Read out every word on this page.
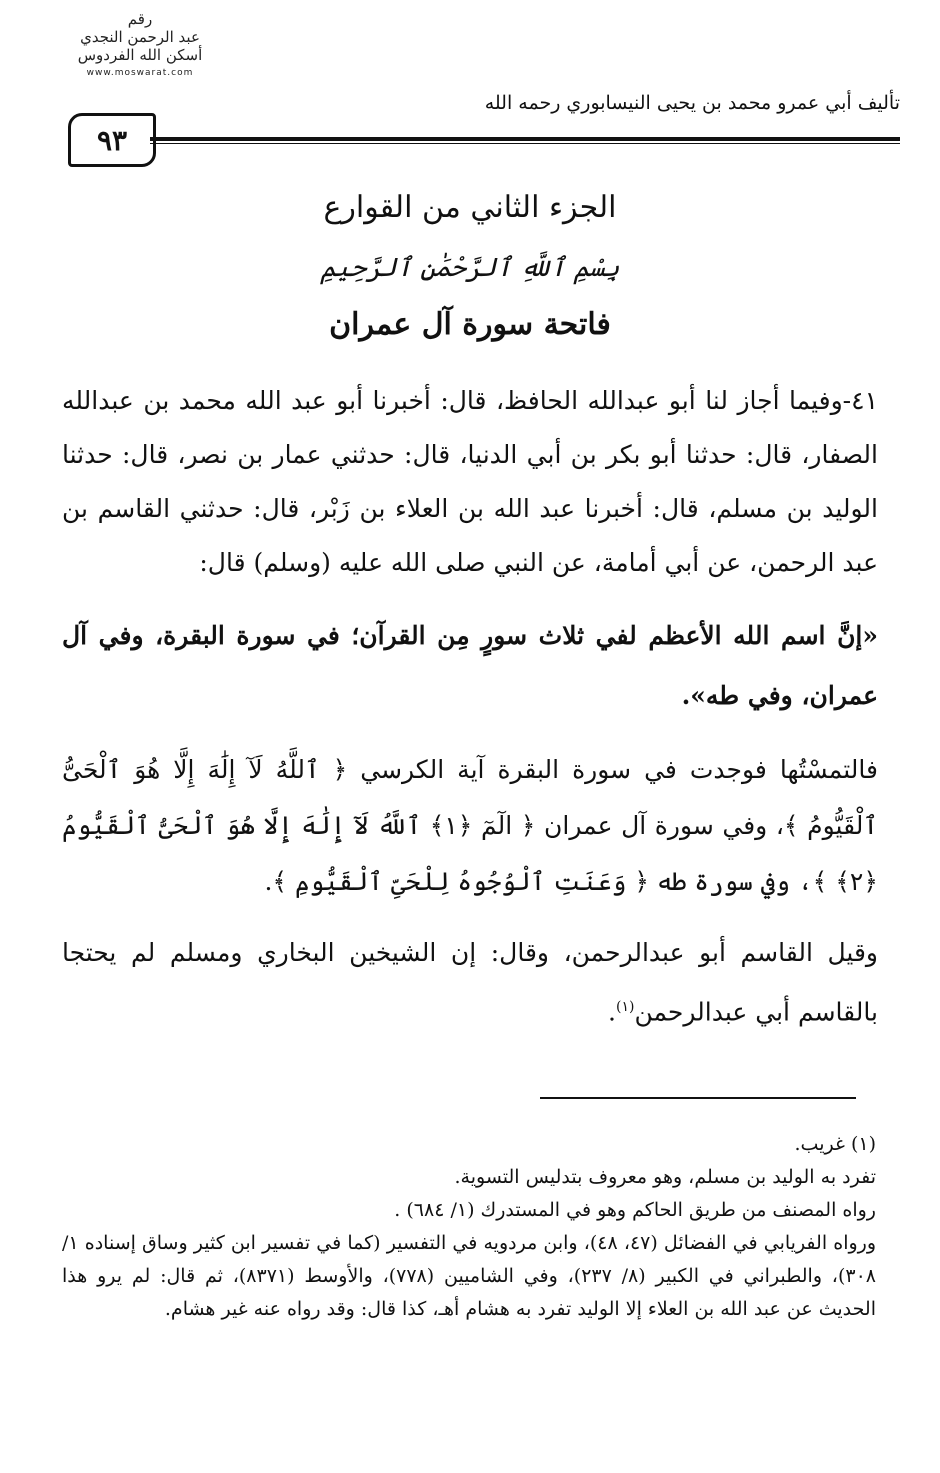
رقم
عبد الرحمن النجدي
أسكن الله الفردوس
www.moswarat.com
تأليف أبي عمرو محمد بن يحيى النيسابوري رحمه الله
٩٣
الجزء الثاني من القوارع
بِسْمِ ٱللَّهِ ٱلرَّحْمَٰنِ ٱلرَّحِيمِ
فاتحة سورة آل عمران

٤١-وفيما أجاز لنا أبو عبدالله الحافظ، قال: أخبرنا أبو عبد الله محمد بن عبدالله الصفار، قال: حدثنا أبو بكر بن أبي الدنيا، قال: حدثني عمار بن نصر، قال: حدثنا الوليد بن مسلم، قال: أخبرنا عبد الله بن العلاء بن زَبْر، قال: حدثني القاسم بن عبد الرحمن، عن أبي أمامة، عن النبي صلى الله عليه (وسلم) قال:

«إنَّ اسم الله الأعظم لفي ثلاث سورٍ مِن القرآن؛ في سورة البقرة، وفي آل عمران، وفي طه».

فالتمسْتُها فوجدت في سورة البقرة آية الكرسي ﴿ ٱللَّهُ لَآ إِلَٰهَ إِلَّا هُوَ ٱلْحَىُّ ٱلْقَيُّومُ ﴾، وفي سورة آل عمران ﴿ الٓمٓ ﴿١﴾ ٱللَّهُ لَآ إِلَٰهَ إِلَّا هُوَ ٱلْحَىُّ ٱلْقَيُّومُ ﴿٢﴾ ﴾، وفي سورة طه ﴿ وَعَنَتِ ٱلْوُجُوهُ لِلْحَىِّ ٱلْقَيُّومِ ﴾.

وقيل القاسم أبو عبدالرحمن، وقال: إن الشيخين البخاري ومسلم لم يحتجا بالقاسم أبي عبدالرحمن$^{(١)}$.

(١) غريب.

تفرد به الوليد بن مسلم، وهو معروف بتدليس التسوية.

رواه المصنف من طريق الحاكم وهو في المستدرك (١/ ٦٨٤) .

ورواه الفريابي في الفضائل (٤٧، ٤٨)، وابن مردويه في التفسير (كما في تفسير ابن كثير وساق إسناده ١/ ٣٠٨)، والطبراني في الكبير (٨/ ٢٣٧)، وفي الشاميين (٧٧٨)، والأوسط (٨٣٧١)، ثم قال: لم يرو هذا الحديث عن عبد الله بن العلاء إلا الوليد تفرد به هشام أهـ، كذا قال: وقد رواه عنه غير هشام.
